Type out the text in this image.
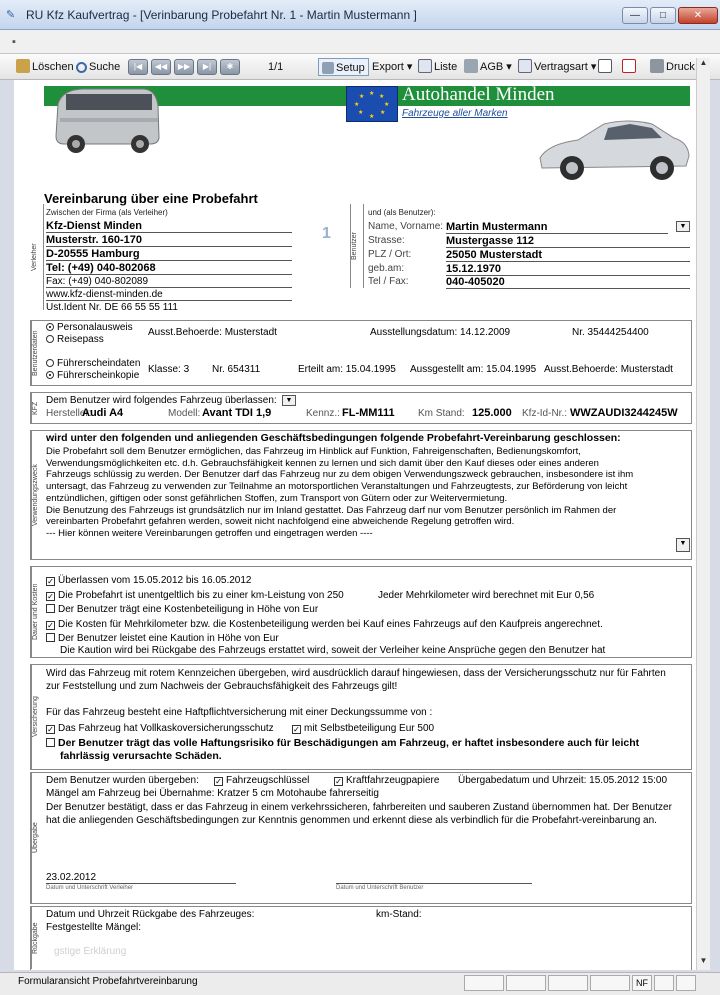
✎ RU Kfz Kaufvertrag - [Verinbarung Probefahrt Nr. 1 - Martin Mustermann ]	—	□	✕
▪
Löschen	Suche	|◀	◀◀	▶▶	▶|	✱	1/1	Setup Export ▾	Liste	AGB ▾	Vertragsart ▾	Druck
★ ★
★
★
★
★
★
★ Autohandel Minden
Fahrzeuge aller Marken
Vereinbarung über eine Probefahrt
Verleiher
Zwischen der Firma (als Verleiher)
Kfz-Dienst Minden
Musterstr. 160-170
D-20555 Hamburg
Tel: (+49) 040-802068
Fax: (+49) 040-802089
www.kfz-dienst-minden.de
Ust.Ident Nr. DE 66 55 55 111
1	Benutzer
und (als Benutzer):
Name, Vorname: Martin Mustermann	▼
Strasse:	Mustergasse 112
PLZ / Ort:	25050 Musterstadt
geb.am:	15.12.1970
Tel / Fax:	040-405020
Benutzerdaten
Personalausweis
Reisepass
Ausst.Behoerde: Musterstadt	Ausstellungsdatum: 14.12.2009	Nr. 35444254400
Führerscheindaten
Führerscheinkopie
Klasse: 3 Nr. 654311	Erteilt am: 15.04.1995 Aussgestellt am: 15.04.1995 Ausst.Behoerde: Musterstadt
KFZ
Dem Benutzer wird folgendes Fahrzeug überlassen:	▼
Hersteller:
Audi A4	Modell: Avant TDI 1,9	Kennz.: FL-MM111 Km Stand: 125.000 Kfz-Id-Nr.: WWZAUDI3244245W
Verwendungszweck
wird unter den folgenden und anliegenden Geschäftsbedingungen folgende Probefahrt-Vereinbarung geschlossen:
Die Probefahrt soll dem Benutzer ermöglichen, das Fahrzeug im Hinblick auf Funktion, Fahreigenschaften, Bedienungskomfort,
Verwendungsmöglichkeiten etc. d.h. Gebrauchsfähigkeit kennen zu lernen und sich damit über den Kauf dieses oder eines anderen
Fahrzeugs schlüssig zu werden. Der Benutzer darf das Fahrzeug nur zu dem obigen Verwendungszweck gebrauchen, insbesondere ist ihm
untersagt, das Fahrzeug zu verwenden zur Teilnahme an motorsportlichen Veranstaltungen und Fahrzeugtests, zur Beförderung von leicht
entzündlichen, giftigen oder sonst gefährlichen Stoffen, zum Transport von Gütern oder zur Weitervermietung.
Die Benutzung des Fahrzeugs ist grundsätzlich nur im Inland gestattet. Das Fahrzeug darf nur vom Benutzer persönlich im Rahmen der
vereinbarten Probefahrt gefahren werden, soweit nicht nachfolgend eine abweichende Regelung getroffen wird.
--- Hier können weitere Vereinbarungen getroffen und eingetragen werden ----
▼
Dauer und Kosten
✓ Überlassen vom 15.05.2012 bis 16.05.2012
✓ Die Probefahrt ist unentgeltlich bis zu einer km-Leistung von 250	Jeder Mehrkilometer wird berechnet mit Eur 0,56
Der Benutzer trägt eine Kostenbeteiligung in Höhe von Eur
✓ Die Kosten für Mehrkilometer bzw. die Kostenbeteiligung werden bei Kauf eines Fahrzeugs auf den Kaufpreis angerechnet.
Der Benutzer leistet eine Kaution in Höhe von Eur
Die Kaution wird bei Rückgabe des Fahrzeugs erstattet wird, soweit der Verleiher keine Ansprüche gegen den Benutzer hat
Versicherung
Wird das Fahrzeug mit rotem Kennzeichen übergeben, wird ausdrücklich darauf hingewiesen, dass der Versicherungsschutz nur für Fahrten
zur Feststellung und zum Nachweis der Gebrauchsfähigkeit des Fahrzeugs gilt!
Für das Fahrzeug besteht eine Haftpflichtversicherung mit einer Deckungssumme von :
✓ Das Fahrzeug hat Vollkaskoversicherungsschutz ✓ mit Selbstbeteiligung Eur 500
Der Benutzer trägt das volle Haftungsrisiko für Beschädigungen am Fahrzeug, er haftet insbesondere auch für leicht
fahrlässig verursachte Schäden.
Übergabe
Dem Benutzer wurden übergeben: ✓ Fahrzeugschlüssel	✓ Kraftfahrzeugpapiere Übergabedatum und Uhrzeit: 15.05.2012 15:00
Mängel am Fahrzeug bei Übernahme: Kratzer 5 cm Motohaube fahrerseitig
Der Benutzer bestätigt, dass er das Fahrzeug in einem verkehrssicheren, fahrbereiten und sauberen Zustand übernommen hat. Der Benutzer
hat die anliegenden Geschäftsbedingungen zur Kenntnis genommen und erkennt diese als verbindlich für die Probefahrt-vereinbarung an.
23.02.2012
Datum und Unterschrift Verleiher	Datum und Unterschrift Benutzer
Rückgabe
Datum und Uhrzeit Rückgabe des Fahrzeuges:	km-Stand:
Festgestellte Mängel:
gstige Erklärung
▲
▼
Formularansicht Probefahrtvereinbarung	NF
